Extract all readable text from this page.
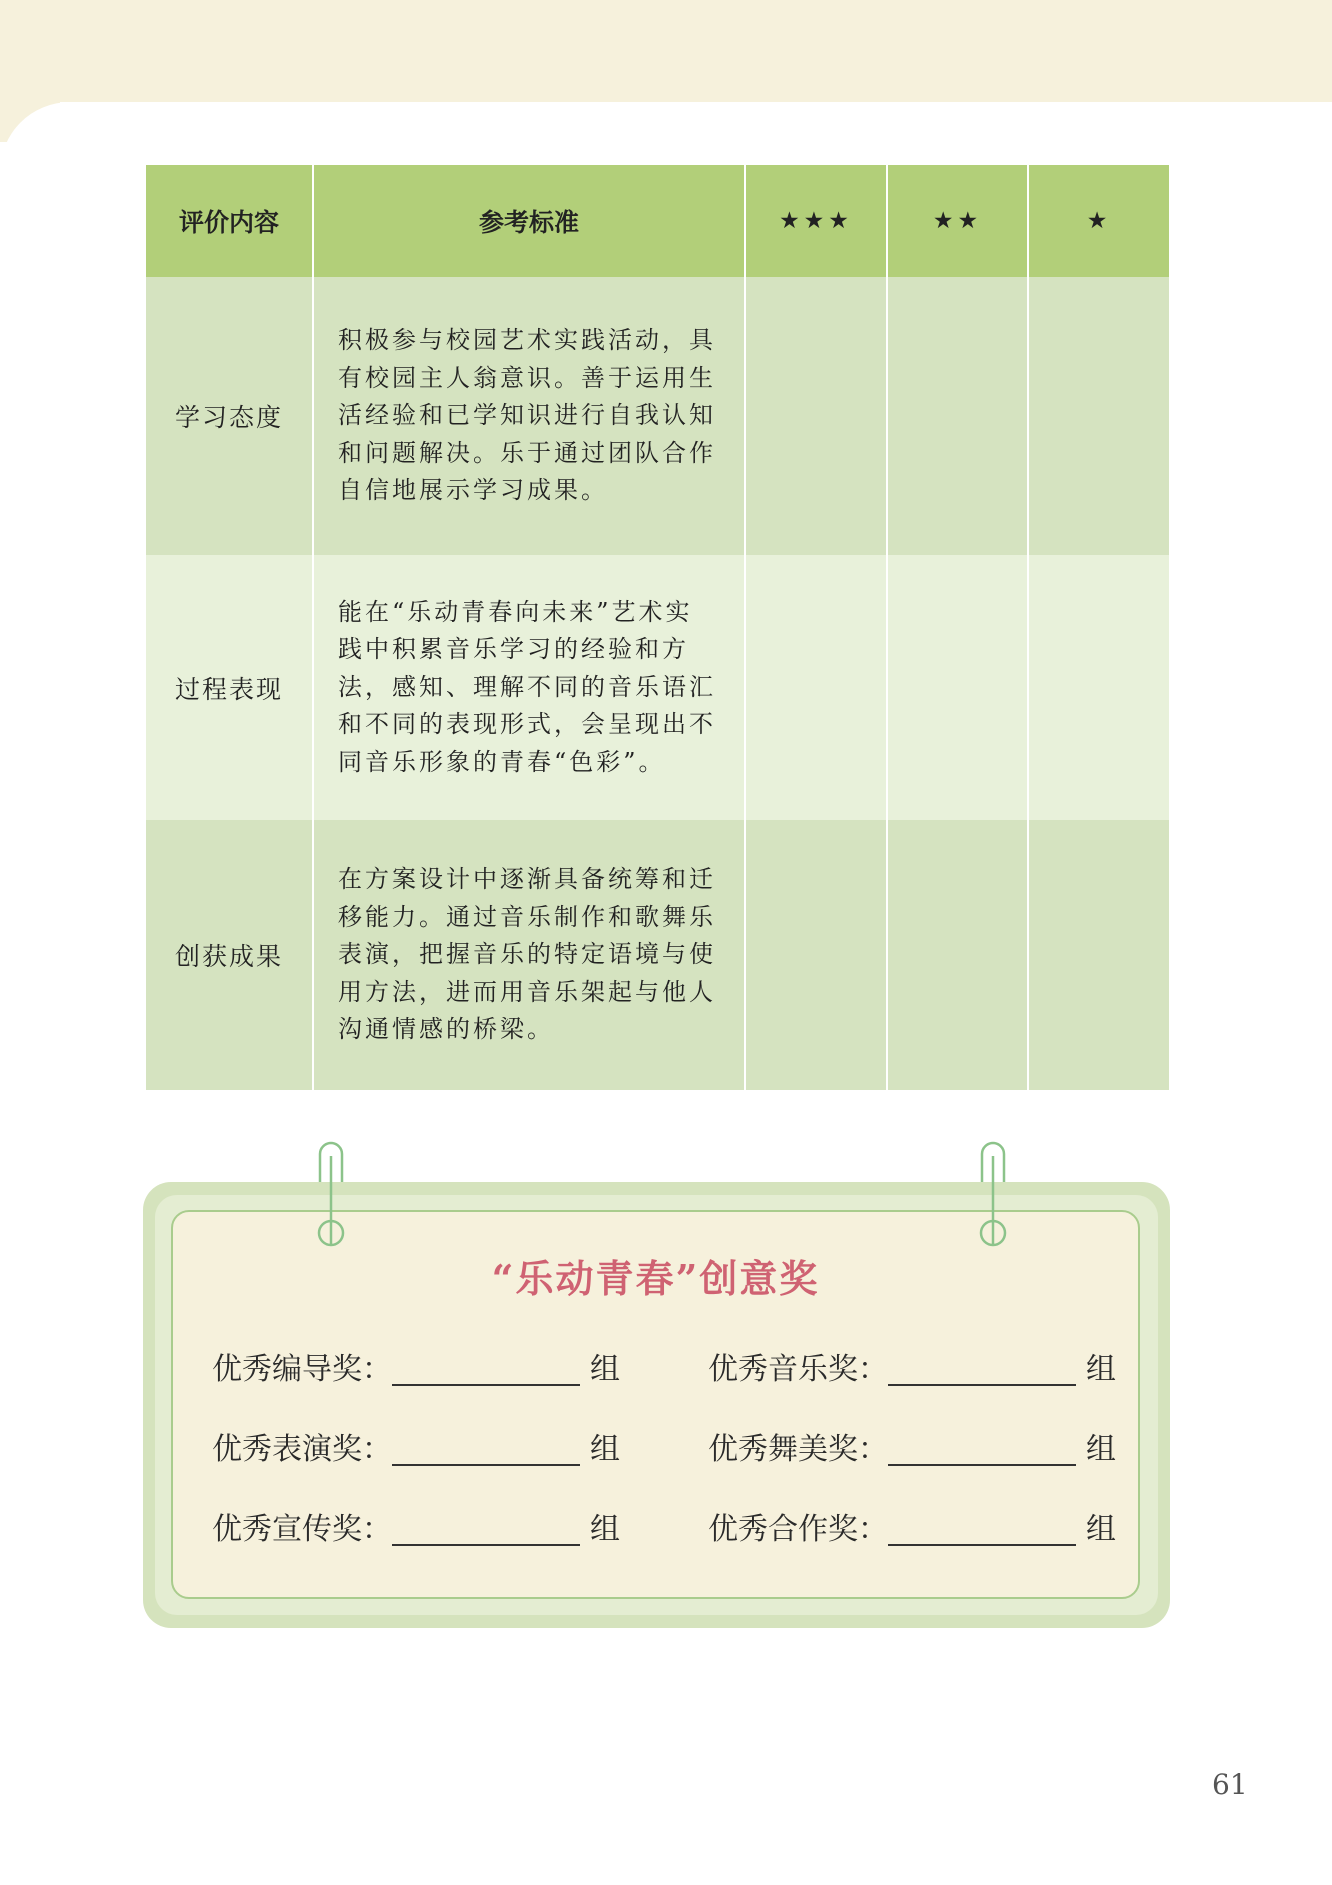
评价内容	参考标准	★★★	★★	★
学习态度	积极参与校园艺术实践活动，具
有校园主人翁意识。善于运用生
活经验和已学知识进行自我认知
和问题解决。乐于通过团队合作
自信地展示学习成果。			

过程表现	能在“乐动青春向未来”艺术实
践中积累音乐学习的经验和方
法，感知、理解不同的音乐语汇
和不同的表现形式，会呈现出不
同音乐形象的青春“色彩”。			

创获成果	在方案设计中逐渐具备统筹和迁
移能力。通过音乐制作和歌舞乐
表演，把握音乐的特定语境与使
用方法，进而用音乐架起与他人
沟通情感的桥梁。			

“乐动青春”创意奖
优秀编导奖：	组
优秀表演奖：	组
优秀宣传奖：	组
优秀音乐奖：	组
优秀舞美奖：	组
优秀合作奖：	组
61
